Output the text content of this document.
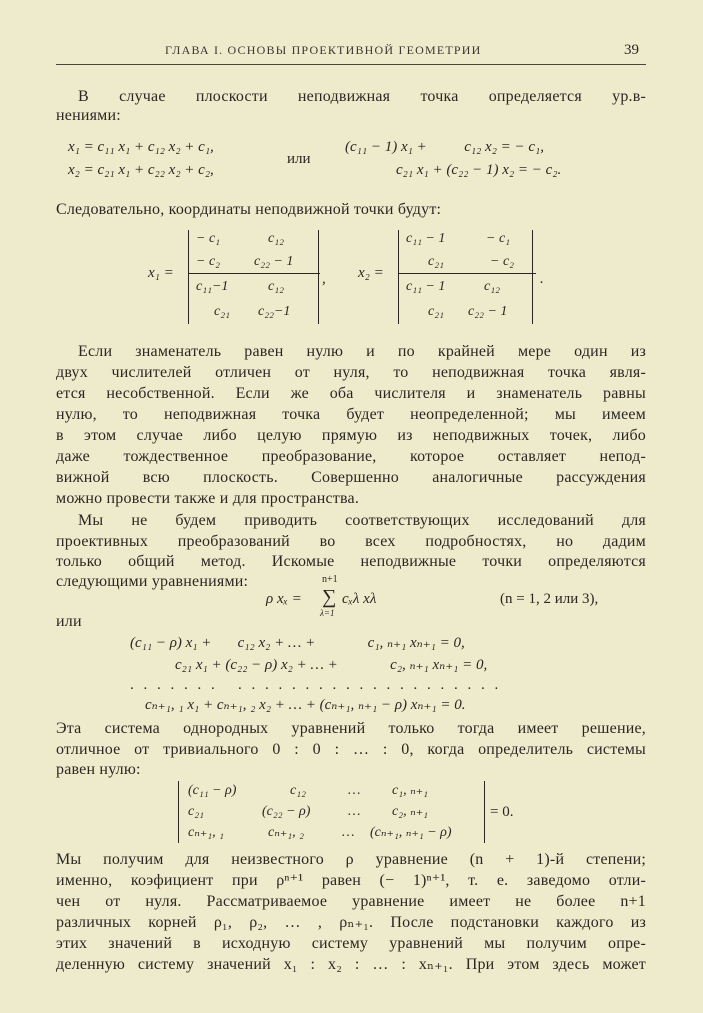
ГЛАВА I. ОСНОВЫ ПРОЕКТИВНОЙ ГЕОМЕТРИИ	39
В случае плоскости неподвижная точка определяется ур.в-
нениями:
x₁ = c₁₁ x₁ + c₁₂ x₂ + c₁,
x₂ = c₂₁ x₁ + c₂₂ x₂ + c₂,
или
(c₁₁ − 1) x₁ +          c₁₂ x₂ = − c₁,
c₂₁ x₁ + (c₂₂ − 1) x₂ = − c₂.
Следовательно, координаты неподвижной точки будут:
x₁ =
− c₁	c₁₂
− c₂ c₂₂ − 1
c₁₁−1	c₁₂
c₂₁ c₂₂−1
, x₂ =
c₁₁ − 1	− c₁
c₂₁	− c₂
c₁₁ − 1	c₁₂
c₂₁ c₂₂ − 1
.
Если знаменатель равен нулю и по крайней мере один из
двух числителей отличен от нуля, то неподвижная точка явля-
ется несобственной. Если же оба числителя и знаменатель равны
нулю, то неподвижная точка будет неопределенной; мы имеем
в этом случае либо целую прямую из неподвижных точек, либо
даже тождественное преобразование, которое оставляет непод-
вижной всю плоскость. Совершенно аналогичные рассуждения
можно провести также и для пространства.
Мы не будем приводить соответствующих исследований для
проективных преобразований во всех подробностях, но дадим
только общий метод. Искомые неподвижные точки определяются
следующими уравнениями:	n+1
ρ xₓ = ∑
λ=1
cₓλ xλ	(n = 1, 2 или 3),
или
(c₁₁ − ρ) x₁ +       c₁₂ x₂ + … +              c₁, ₙ₊₁ xₙ₊₁ = 0,
c₂₁ x₁ + (c₂₂ − ρ) x₂ + … +              c₂, ₙ₊₁ xₙ₊₁ = 0,
. . . . . . .   . . . . . . . . . . . . . . . . . . . .
cₙ₊₁, ₁ x₁ + cₙ₊₁, ₂ x₂ + … + (cₙ₊₁, ₙ₊₁ − ρ) xₙ₊₁ = 0.
Эта система однородных уравнений только тогда имеет решение,
отличное от тривиального 0 : 0 : … : 0, когда определитель системы
равен нулю:
(c₁₁ − ρ)	c₁₂	… c₁, ₙ₊₁
c₂₁	(c₂₂ − ρ)	… c₂, ₙ₊₁
cₙ₊₁, ₁	cₙ₊₁, ₂	… (cₙ₊₁, ₙ₊₁ − ρ)
= 0.
Мы получим для неизвестного ρ уравнение (n + 1)-й степени;
именно, коэфициент при ρⁿ⁺¹ равен (− 1)ⁿ⁺¹, т. е. заведомо отли-
чен от нуля. Рассматриваемое уравнение имеет не более n+1
различных корней ρ₁, ρ₂, … , ρₙ₊₁. После подстановки каждого из
этих значений в исходную систему уравнений мы получим опре-
деленную систему значений x₁ : x₂ : … : xₙ₊₁. При этом здесь может
